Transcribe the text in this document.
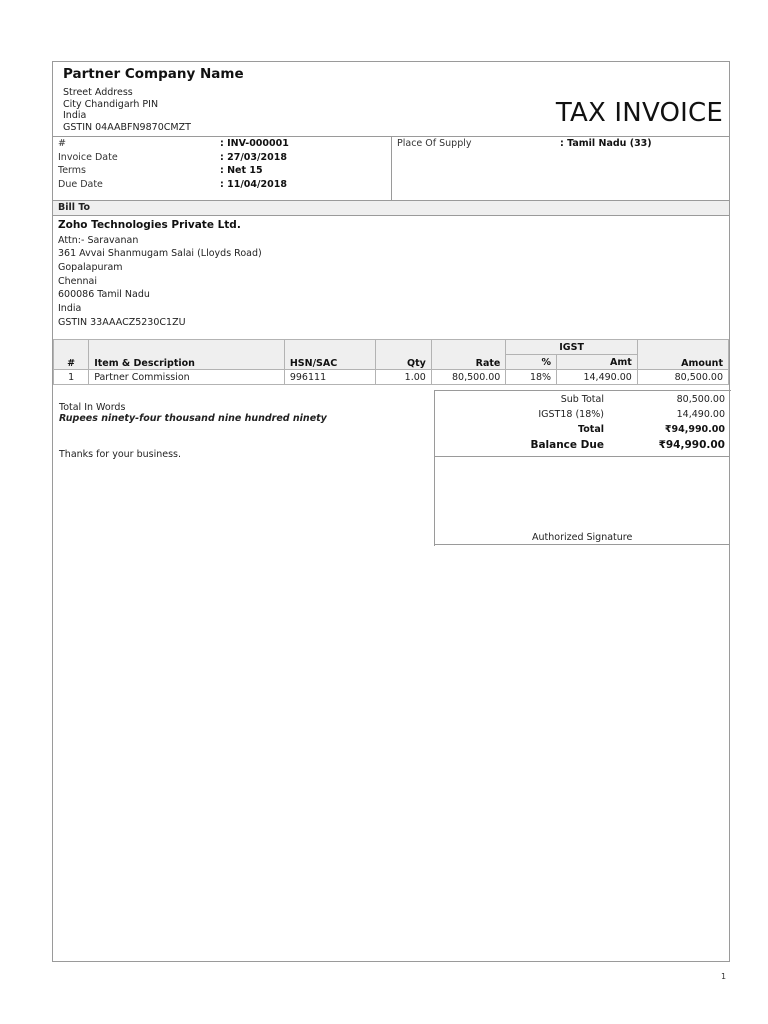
Partner Company Name
Street Address
City Chandigarh PIN
India
GSTIN 04AABFN9870CMZT	TAX INVOICE
#	: INV-000001
Invoice Date	: 27/03/2018
Terms	: Net 15
Due Date	: 11/04/2018
Place Of Supply	: Tamil Nadu (33)
Bill To
Zoho Technologies Private Ltd.
Attn:- Saravanan
361 Avvai Shanmugam Salai (Lloyds Road)
Gopalapuram
Chennai
600086 Tamil Nadu
India
GSTIN 33AAACZ5230C1ZU
#	Item & Description	HSN/SAC	Qty	Rate	IGST		Amount
					%	Amt	
1	Partner Commission	996111	1.00	80,500.00	18%	14,490.00	80,500.00
Total In Words
Rupees ninety-four thousand nine hundred ninety
Thanks for your business.
Sub Total	80,500.00
IGST18 (18%)	14,490.00
Total	₹94,990.00
Balance Due	₹94,990.00
Authorized Signature
1
